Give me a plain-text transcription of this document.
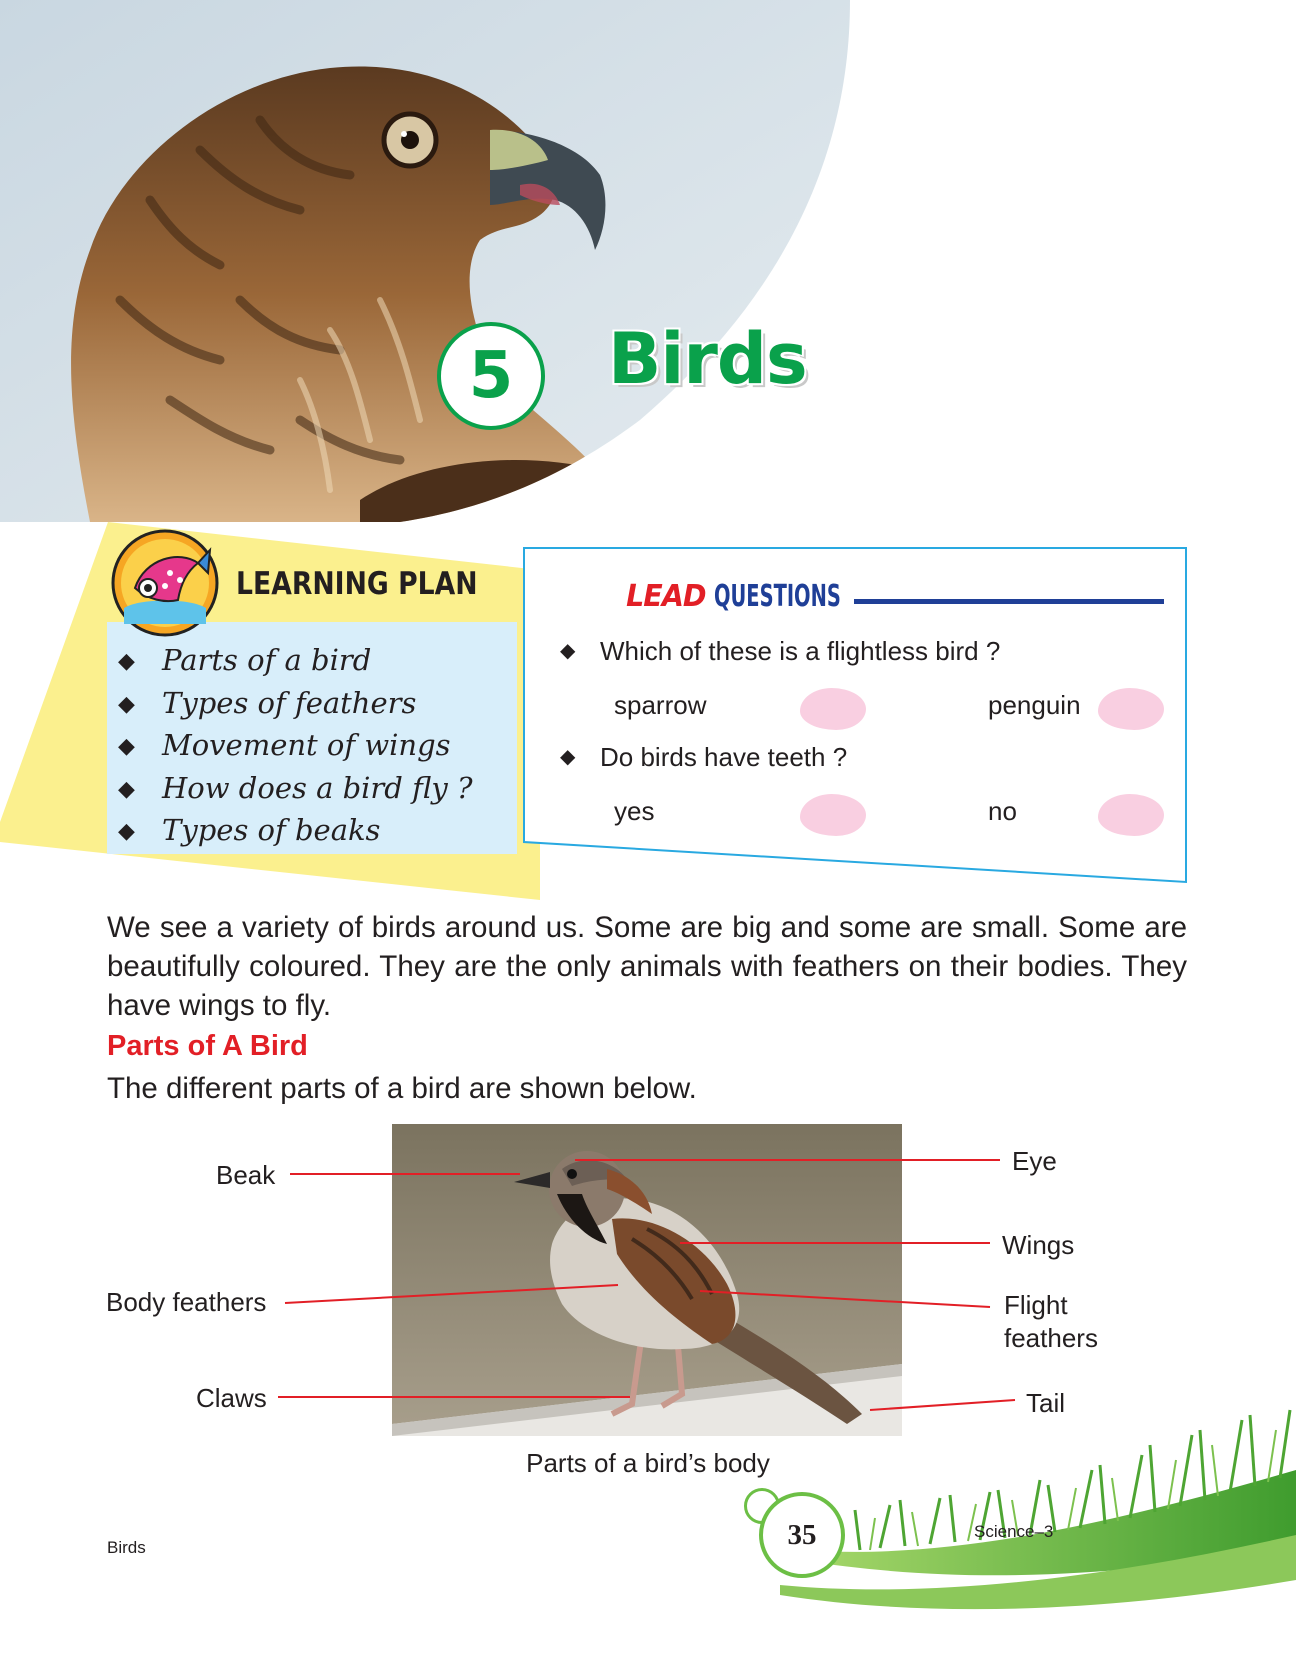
5 Birds
LEARNING PLAN
◆ Parts of a bird
◆ Types of feathers
◆ Movement of wings
◆ How does a bird fly ?
◆ Types of beaks
LEAD QUESTIONS
◆ Which of these is a flightless bird ?
sparrow	penguin
◆ Do birds have teeth ?
yes	no
We see a variety of birds around us. Some are big and some are small. Some are beautifully coloured. They are the only animals with feathers on their bodies. They have wings to fly.
Parts of A Bird
The different parts of a bird are shown below.
Beak
Body feathers
Claws
Eye
Wings
Flight
feathers
Tail
Parts of a bird’s body
35
Birds
Science–3
